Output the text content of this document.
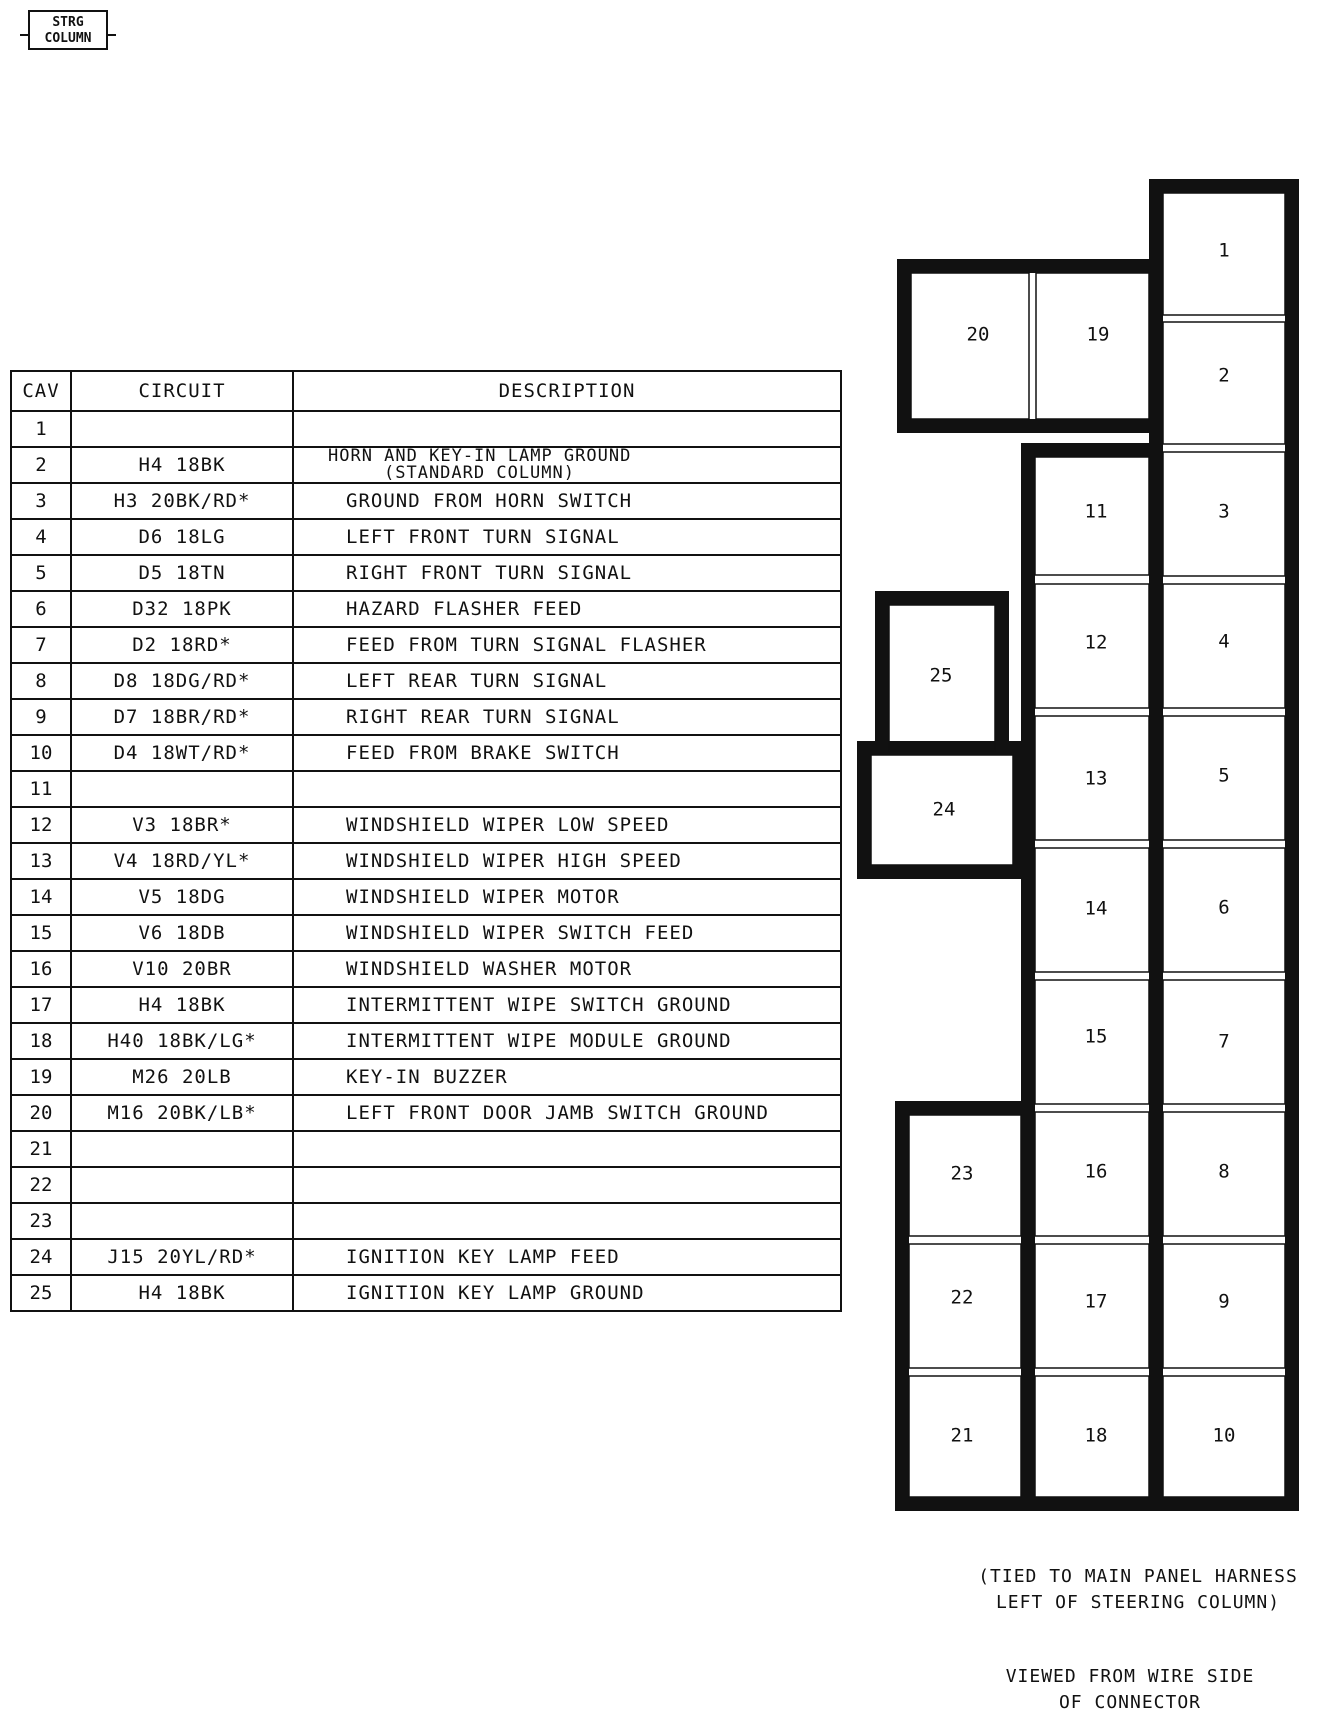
STRG
COLUMN
CAV	CIRCUIT	DESCRIPTION
1		
2	H4 18BK	HORN AND KEY-IN LAMP GROUND
(STANDARD COLUMN)

3	H3 20BK/RD*	GROUND FROM HORN SWITCH
4	D6 18LG	LEFT FRONT TURN SIGNAL
5	D5 18TN	RIGHT FRONT TURN SIGNAL
6	D32 18PK	HAZARD FLASHER FEED
7	D2 18RD*	FEED FROM TURN SIGNAL FLASHER
8	D8 18DG/RD*	LEFT REAR TURN SIGNAL
9	D7 18BR/RD*	RIGHT REAR TURN SIGNAL
10	D4 18WT/RD*	FEED FROM BRAKE SWITCH
11		
12	V3 18BR*	WINDSHIELD WIPER LOW SPEED
13	V4 18RD/YL*	WINDSHIELD WIPER HIGH SPEED
14	V5 18DG	WINDSHIELD WIPER MOTOR
15	V6 18DB	WINDSHIELD WIPER SWITCH FEED
16	V10 20BR	WINDSHIELD WASHER MOTOR
17	H4 18BK	INTERMITTENT WIPE SWITCH GROUND
18	H40 18BK/LG*	INTERMITTENT WIPE MODULE GROUND
19	M26 20LB	KEY-IN BUZZER
20	M16 20BK/LB*	LEFT FRONT DOOR JAMB SWITCH GROUND
21		
22		
23		
24	J15 20YL/RD*	IGNITION KEY LAMP FEED
25	H4 18BK	IGNITION KEY LAMP GROUND
1
2
3
4
5
6
7
8
9
10
11
12
13
14
15
16
17
18
19
20
21
22
23
24
25
(TIED TO MAIN PANEL HARNESS
LEFT OF STEERING COLUMN)
VIEWED FROM WIRE SIDE
OF CONNECTOR
